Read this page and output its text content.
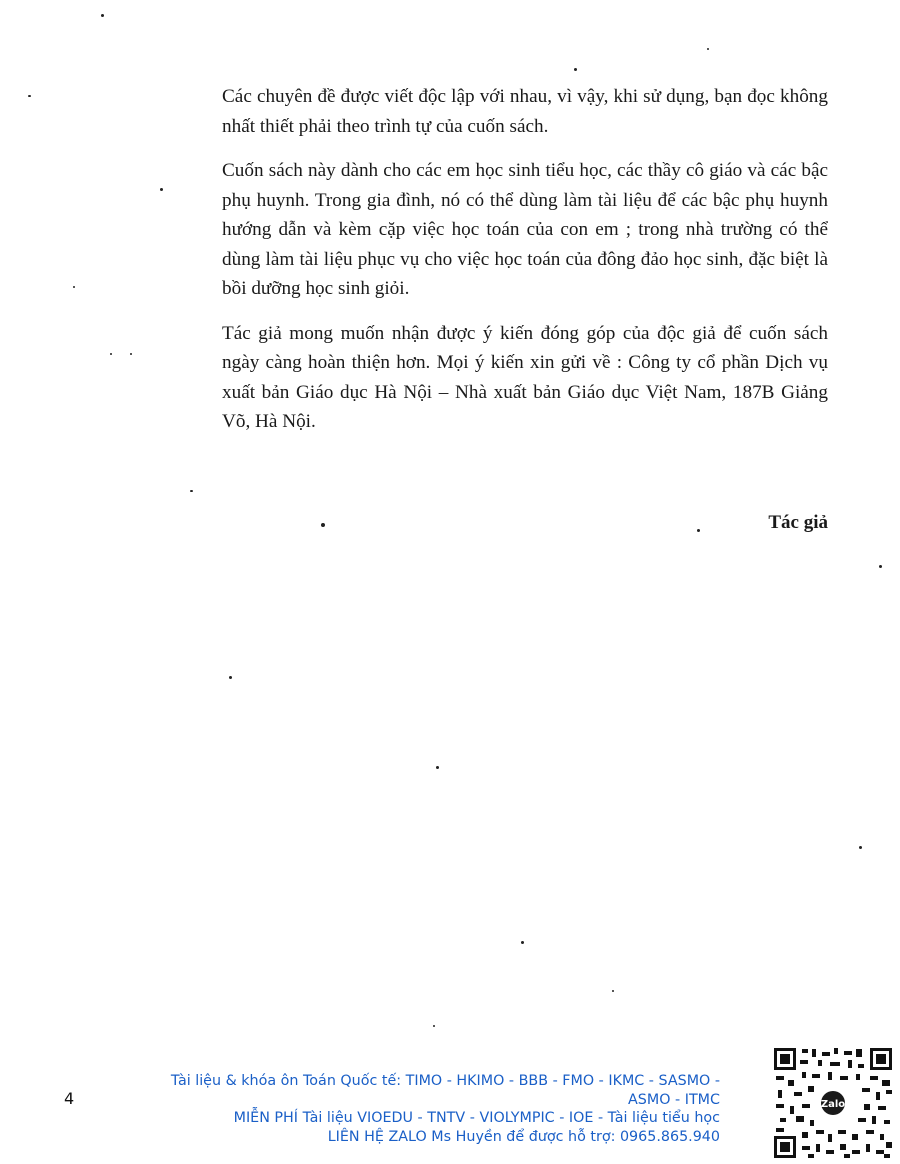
Các chuyên đề được viết độc lập với nhau, vì vậy, khi sử dụng, bạn đọc không nhất thiết phải theo trình tự của cuốn sách.

Cuốn sách này dành cho các em học sinh tiểu học, các thầy cô giáo và các bậc phụ huynh. Trong gia đình, nó có thể dùng làm tài liệu để các bậc phụ huynh hướng dẫn và kèm cặp việc học toán của con em ; trong nhà trường có thể dùng làm tài liệu phục vụ cho việc học toán của đông đảo học sinh, đặc biệt là bồi dưỡng học sinh giỏi.

Tác giả mong muốn nhận được ý kiến đóng góp của độc giả để cuốn sách ngày càng hoàn thiện hơn. Mọi ý kiến xin gửi về : Công ty cổ phần Dịch vụ xuất bản Giáo dục Hà Nội – Nhà xuất bản Giáo dục Việt Nam, 187B Giảng Võ, Hà Nội.

Tác giả
4
Tài liệu & khóa ôn Toán Quốc tế: TIMO - HKIMO - BBB - FMO - IKMC - SASMO -
ASMO - ITMC
MIỄN PHÍ Tài liệu VIOEDU - TNTV - VIOLYMPIC - IOE - Tài liệu tiểu học
LIÊN HỆ ZALO Ms Huyền để được hỗ trợ: 0965.865.940
Zalo
